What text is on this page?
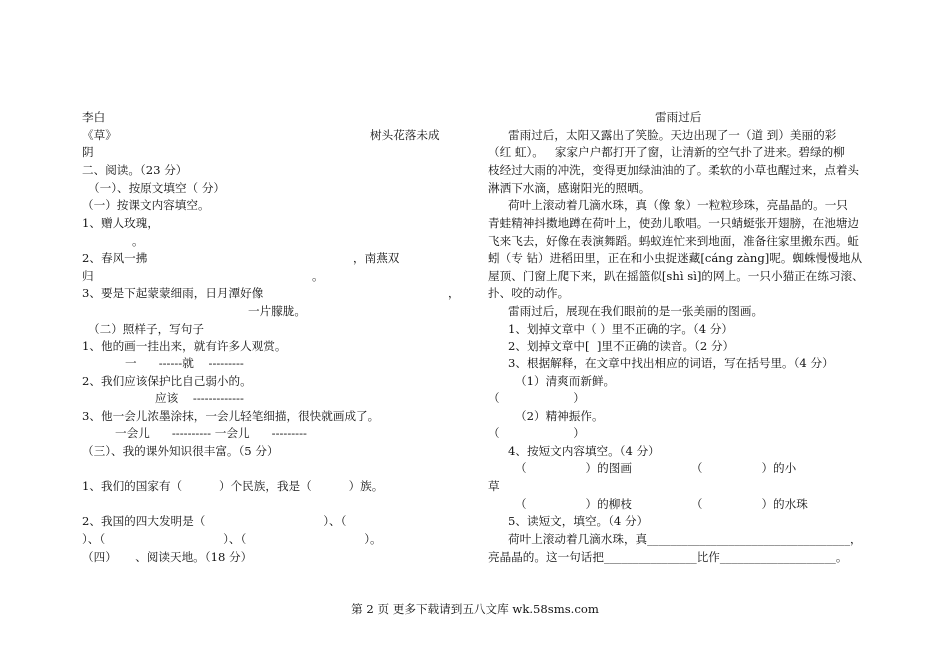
李白
《草》	树头花落未成
阴
二、阅读。（23 分）
（一）、按原文填空（ 分）
（一）按课文内容填空。
1、赠人玫瑰，
。
2、春风一拂	，南燕双
归	。
3、要是下起蒙蒙细雨，日月潭好像	，
一片朦胧。
（二）照样子，写句子
1、他的画一挂出来，就有许多人观赏。
一      ------就    ---------
2、我们应该保护比自己弱小的。
应该    -------------
3、他一会儿浓墨涂抹，一会儿轻笔细描，很快就画成了。
一会儿      ---------- 一会儿      ---------
（三）、我的课外知识很丰富。（5 分）
1、我们的国家有（          ）个民族，我是（          ）族。
2、我国的四大发明是（                                ）、（
）、（                                ）、（                                ）。
（四）     、阅读天地。（18 分）
雷雨过后
雷雨过后，太阳又露出了笑脸。天边出现了一（道 到）美丽的彩
（红 虹）。   家家户户都打开了窗，让清新的空气扑了进来。碧绿的柳
枝经过大雨的冲洗，变得更加绿油油的了。柔软的小草也醒过来，点着头
淋洒下水滴，感谢阳光的照晒。
荷叶上滚动着几滴水珠，真（像 象）一粒粒珍珠，亮晶晶的。一只
青蛙精神抖擞地蹲在荷叶上，使劲儿歌唱。一只蜻蜓张开翅膀，在池塘边
飞来飞去，好像在表演舞蹈。蚂蚁连忙来到地面，准备往家里搬东西。蚯
蚓（专 钻）进稻田里，正在和小虫捉迷藏[cáng zàng]呢。蜘蛛慢慢地从
屋顶、门窗上爬下来，趴在摇篮似[shì sì]的网上。一只小猫正在练习滚、
扑、咬的动作。
雷雨过后，展现在我们眼前的是一张美丽的图画。
1、划掉文章中（ ）里不正确的字。（4 分）
2、划掉文章中[  ]里不正确的读音。（2 分）
3、根据解释，在文章中找出相应的词语，写在括号里。（4 分）
（1）清爽而新鲜。
（                    ）
（2）精神振作。
（                    ）
4、按短文内容填空。（4 分）
（                ）的图画                （                ）的小
草
（                ）的柳枝                （                ）的水珠
5、读短文，填空。（4 分）
荷叶上滚动着几滴水珠，真___________________________________，
亮晶晶的。这一句话把________________比作____________________。
第 2 页 更多下载请到五八文库 wk.58sms.com
